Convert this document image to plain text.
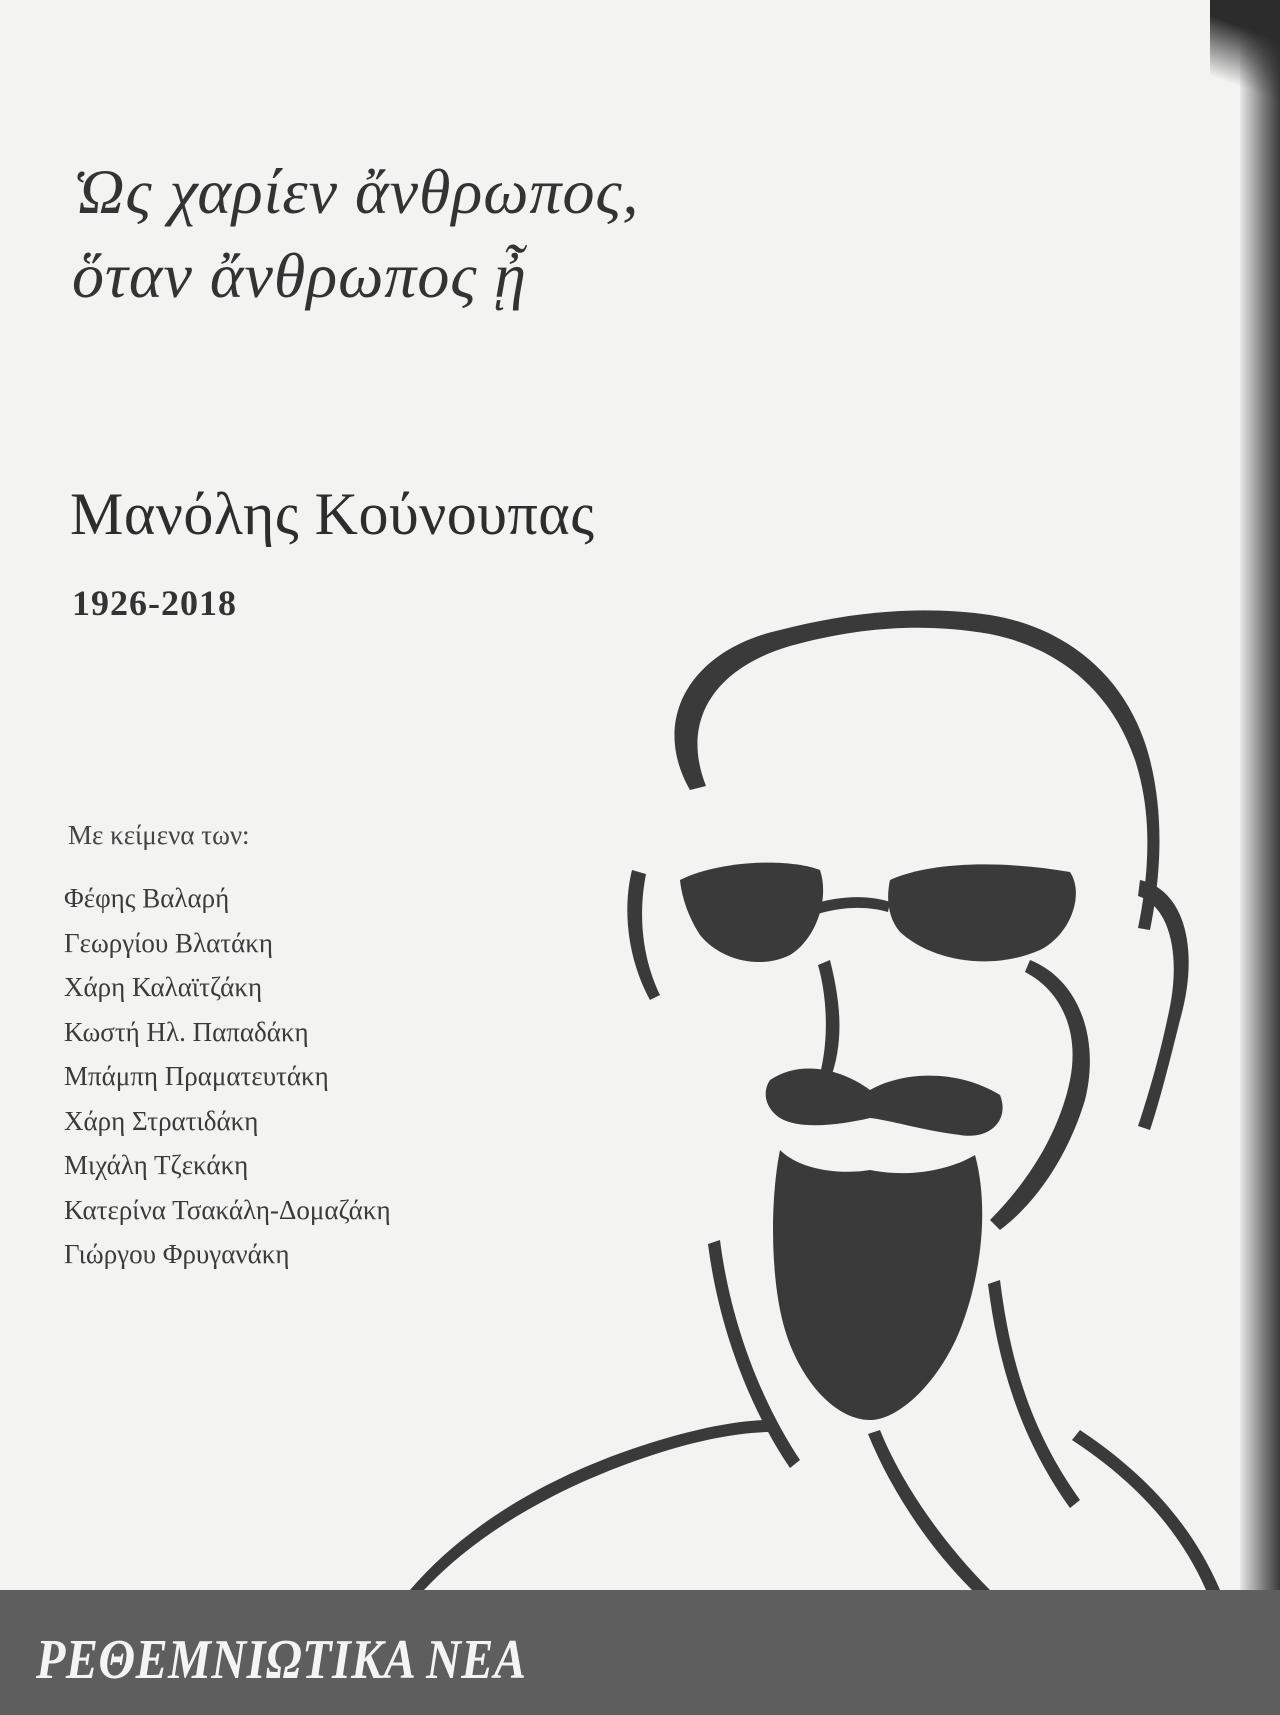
Ὡς χαρίεν ἄνθρωπος,
ὅταν ἄνθρωπος ᾖ
Μανόλης Κούνουπας
1926-2018
Με κείμενα των:
Φέφης Βαλαρή
Γεωργίου Βλατάκη
Χάρη Καλαϊτζάκη
Κωστή Ηλ. Παπαδάκη
Μπάμπη Πραματευτάκη
Χάρη Στρατιδάκη
Μιχάλη Τζεκάκη
Κατερίνα Τσακάλη-Δομαζάκη
Γιώργου Φρυγανάκη
ΡΕΘΕΜΝΙΩΤΙΚΑ ΝΕΑ
